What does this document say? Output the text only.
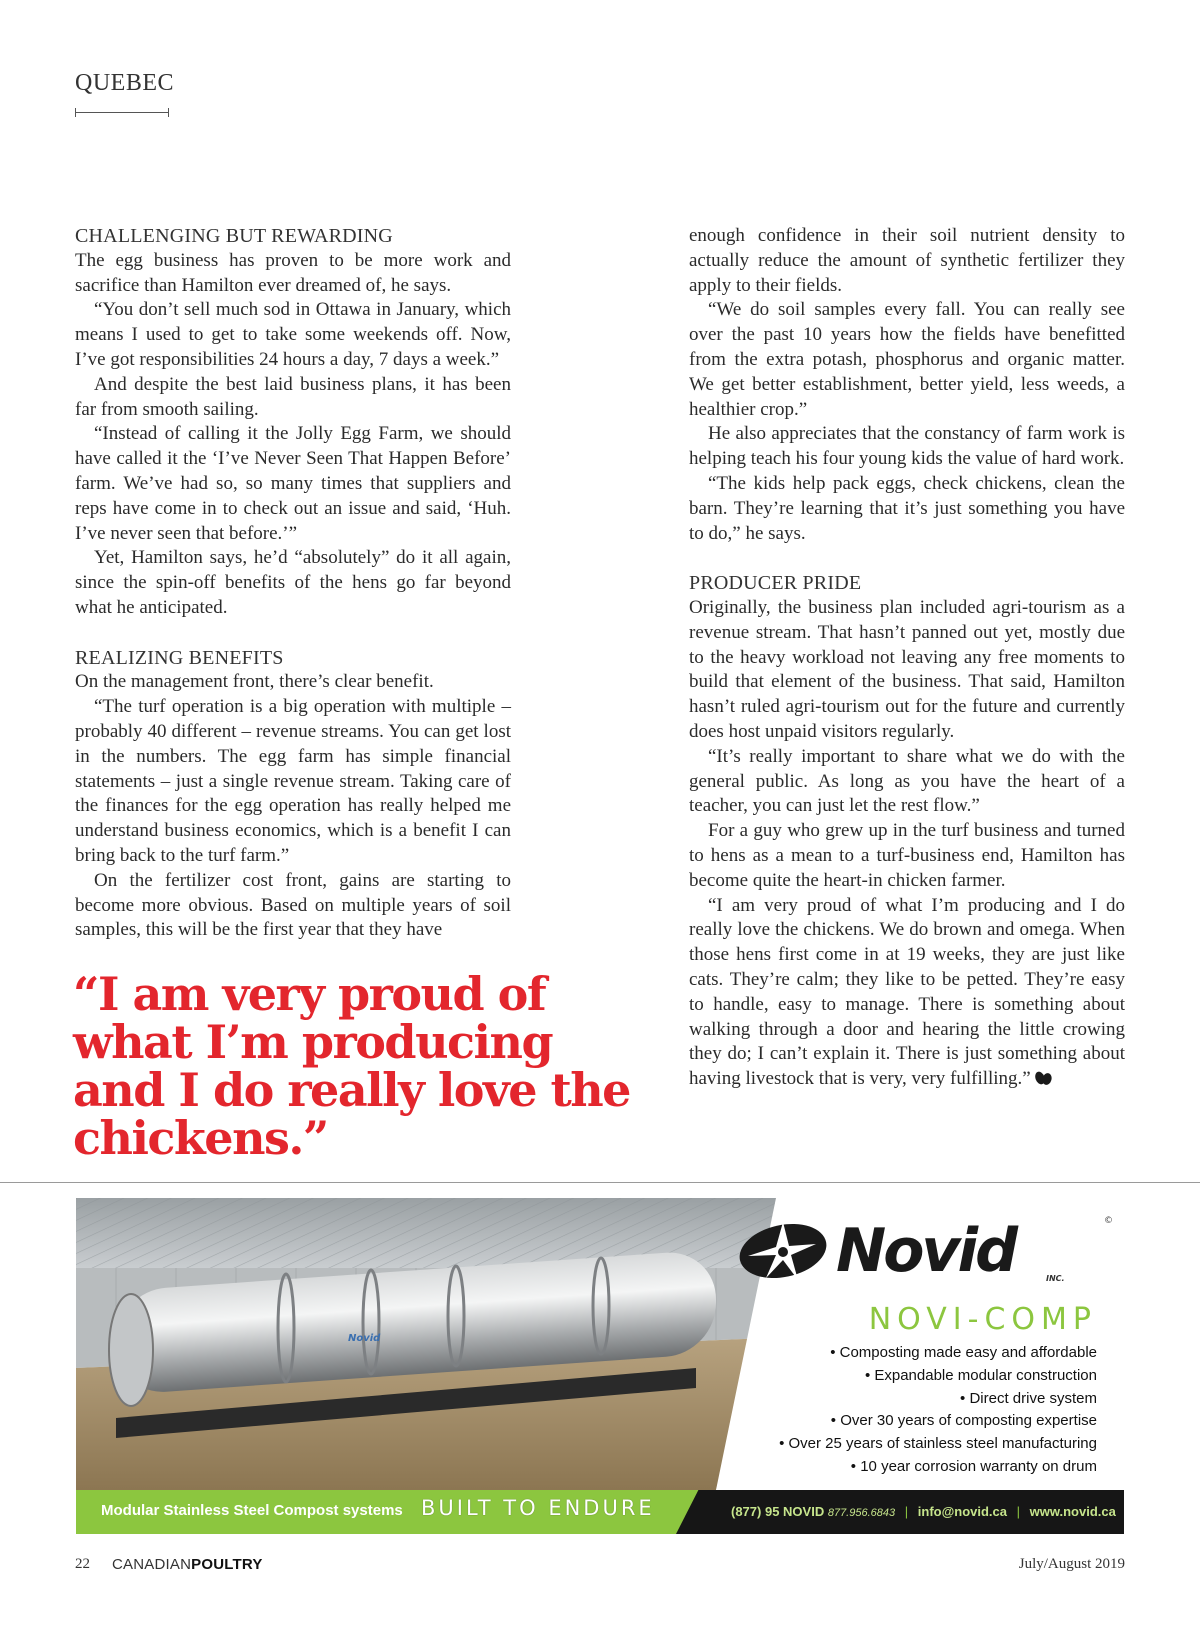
QUEBEC
CHALLENGING BUT REWARDING

The egg business has proven to be more work and sacrifice than Hamilton ever dreamed of, he says.

“You don’t sell much sod in Ottawa in January, which means I used to get to take some weekends off. Now, I’ve got responsibilities 24 hours a day, 7 days a week.”

And despite the best laid business plans, it has been far from smooth sailing.

“Instead of calling it the Jolly Egg Farm, we should have called it the ‘I’ve Never Seen That Happen Before’ farm. We’ve had so, so many times that suppliers and reps have come in to check out an issue and said, ‘Huh. I’ve never seen that before.’”

Yet, Hamilton says, he’d “absolutely” do it all again, since the spin-off benefits of the hens go far beyond what he anticipated.

REALIZING BENEFITS

On the management front, there’s clear benefit.

“The turf operation is a big operation with multiple – probably 40 different – revenue streams. You can get lost in the numbers. The egg farm has simple financial statements – just a single revenue stream. Taking care of the finances for the egg operation has really helped me understand business economics, which is a benefit I can bring back to the turf farm.”

On the fertilizer cost front, gains are starting to become more obvious. Based on multiple years of soil samples, this will be the first year that they have

enough confidence in their soil nutrient density to actually reduce the amount of synthetic fertilizer they apply to their fields.

“We do soil samples every fall. You can really see over the past 10 years how the fields have benefitted from the extra potash, phosphorus and organic matter. We get better establishment, better yield, less weeds, a healthier crop.”

He also appreciates that the constancy of farm work is helping teach his four young kids the value of hard work.

“The kids help pack eggs, check chickens, clean the barn. They’re learning that it’s just something you have to do,” he says.

PRODUCER PRIDE

Originally, the business plan included agri-tourism as a revenue stream. That hasn’t panned out yet, mostly due to the heavy workload not leaving any free moments to build that element of the business. That said, Hamilton hasn’t ruled agri-tourism out for the future and currently does host unpaid visitors regularly.

“It’s really important to share what we do with the general public. As long as you have the heart of a teacher, you can just let the rest flow.”

For a guy who grew up in the turf business and turned to hens as a mean to a turf-business end, Hamilton has become quite the heart-in chicken farmer.

“I am very proud of what I’m producing and I do really love the chickens. We do brown and omega. When those hens first come in at 19 weeks, they are just like cats. They’re calm; they like to be petted. They’re easy to handle, easy to manage. There is something about walking through a door and hearing the little crowing they do; I can’t explain it. There is just something about having livestock that is very, very fulfilling.”

“I am very proud of what I’m producing and I do really love the chickens.”

Novid
Novid	INC.
©
NOVI-COMP
• Composting made easy and affordable
• Expandable modular construction
• Direct drive system
• Over 30 years of composting expertise
• Over 25 years of stainless steel manufacturing
• 10 year corrosion warranty on drum
Modular Stainless Steel Compost systems BUILT TO ENDURE	(877) 95 NOVID 877.956.6843 | info@novid.ca | www.novid.ca
22 CANADIANPOULTRY	July/August 2019
